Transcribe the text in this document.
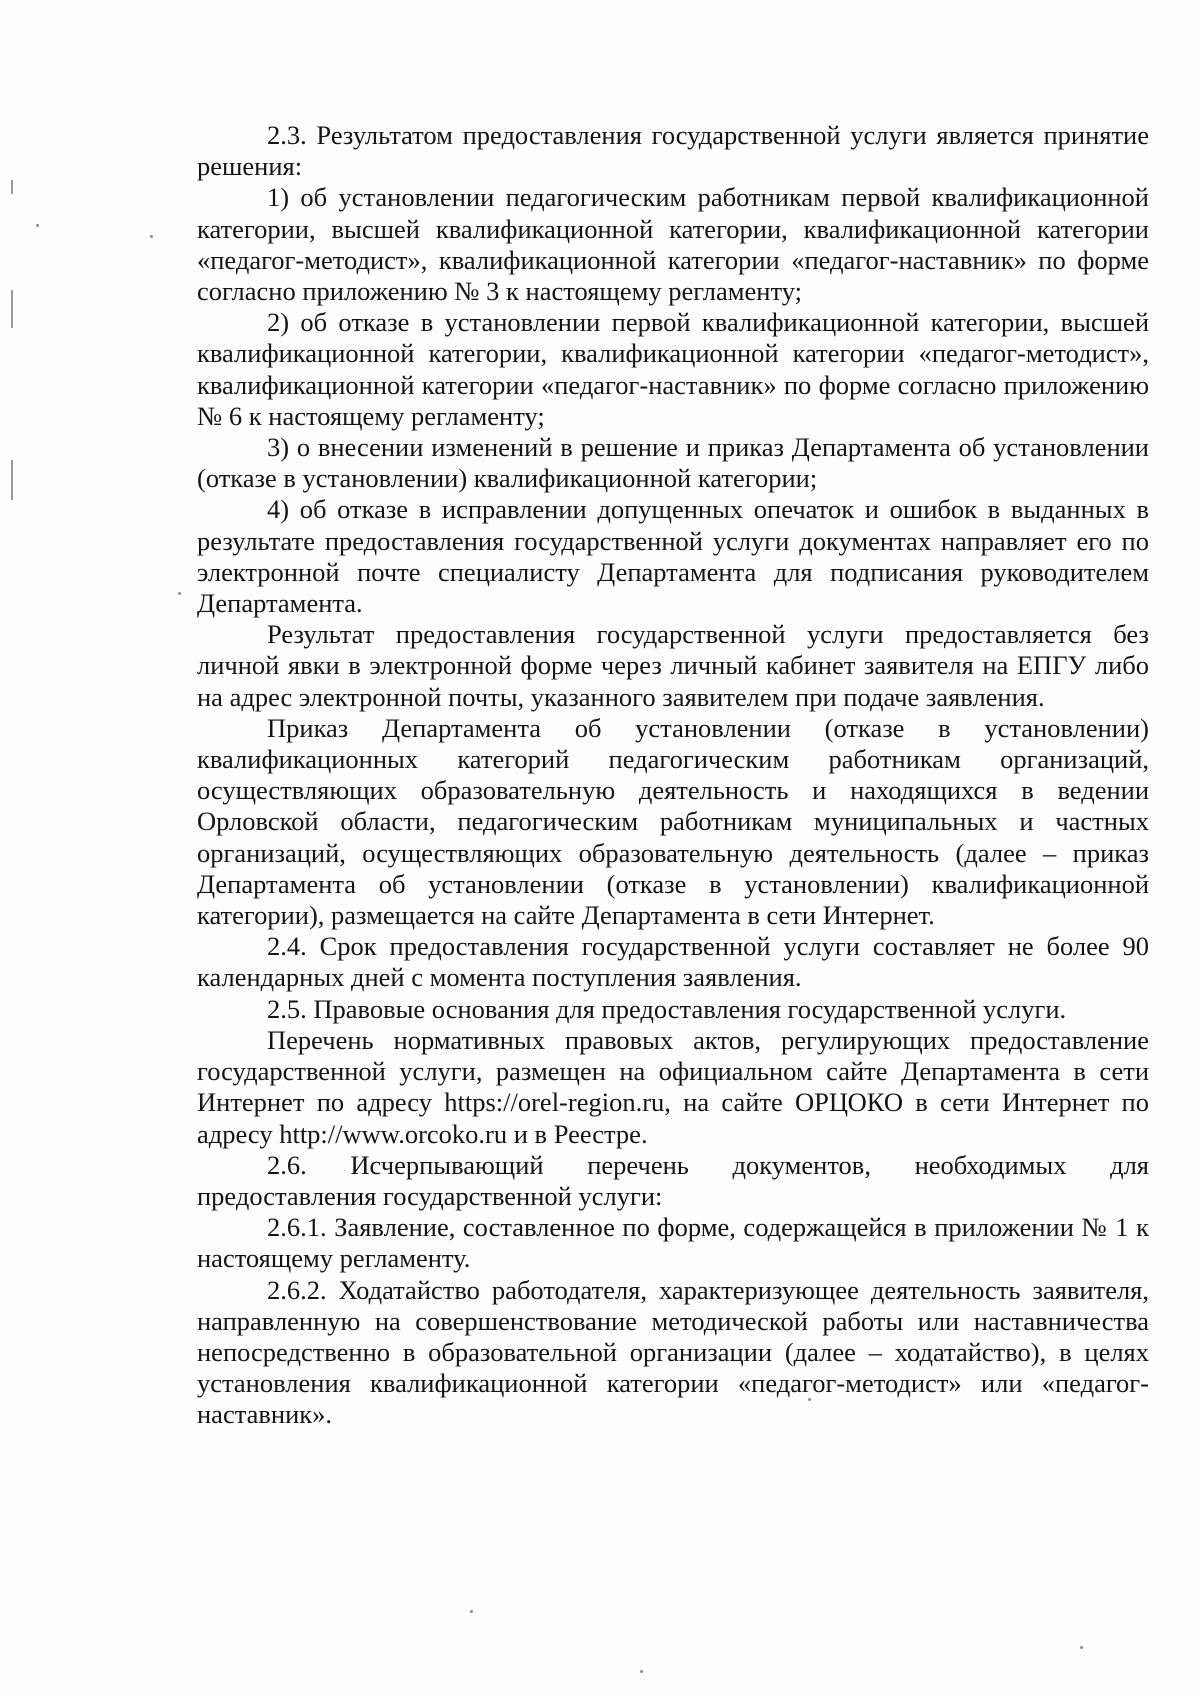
2.3. Результатом предоставления государственной услуги является принятие решения:

1) об установлении педагогическим работникам первой квалификационной категории, высшей квалификационной категории, квалификационной категории «педагог-методист», квалификационной категории «педагог-наставник» по форме согласно приложению № 3 к настоящему регламенту;

2) об отказе в установлении первой квалификационной категории, высшей квалификационной категории, квалификационной категории «педагог-методист», квалификационной категории «педагог-наставник» по форме согласно приложению № 6 к настоящему регламенту;

3) о внесении изменений в решение и приказ Департамента об установлении (отказе в установлении) квалификационной категории;

4) об отказе в исправлении допущенных опечаток и ошибок в выданных в результате предоставления государственной услуги документах направляет его по электронной почте специалисту Департамента для подписания руководителем Департамента.

Результат предоставления государственной услуги предоставляется без личной явки в электронной форме через личный кабинет заявителя на ЕПГУ либо на адрес электронной почты, указанного заявителем при подаче заявления.

Приказ Департамента об установлении (отказе в установлении) квалификационных категорий педагогическим работникам организаций, осуществляющих образовательную деятельность и находящихся в ведении Орловской области, педагогическим работникам муниципальных и частных организаций, осуществляющих образовательную деятельность (далее – приказ Департамента об установлении (отказе в установлении) квалификационной категории), размещается на сайте Департамента в сети Интернет.

2.4. Срок предоставления государственной услуги составляет не более 90 календарных дней с момента поступления заявления.

2.5. Правовые основания для предоставления государственной услуги.

Перечень нормативных правовых актов, регулирующих предоставление государственной услуги, размещен на официальном сайте Департамента в сети Интернет по адресу https://orel-region.ru, на сайте ОРЦОКО в сети Интернет по адресу http://www.orcoko.ru и в Реестре.

2.6. Исчерпывающий перечень документов, необходимых для предоставления государственной услуги:

2.6.1. Заявление, составленное по форме, содержащейся в приложении № 1 к настоящему регламенту.

2.6.2. Ходатайство работодателя, характеризующее деятельность заявителя, направленную на совершенствование методической работы или наставничества непосредственно в образовательной организации (далее – ходатайство), в целях установления квалификационной категории «педагог-методист» или «педагог-наставник».
